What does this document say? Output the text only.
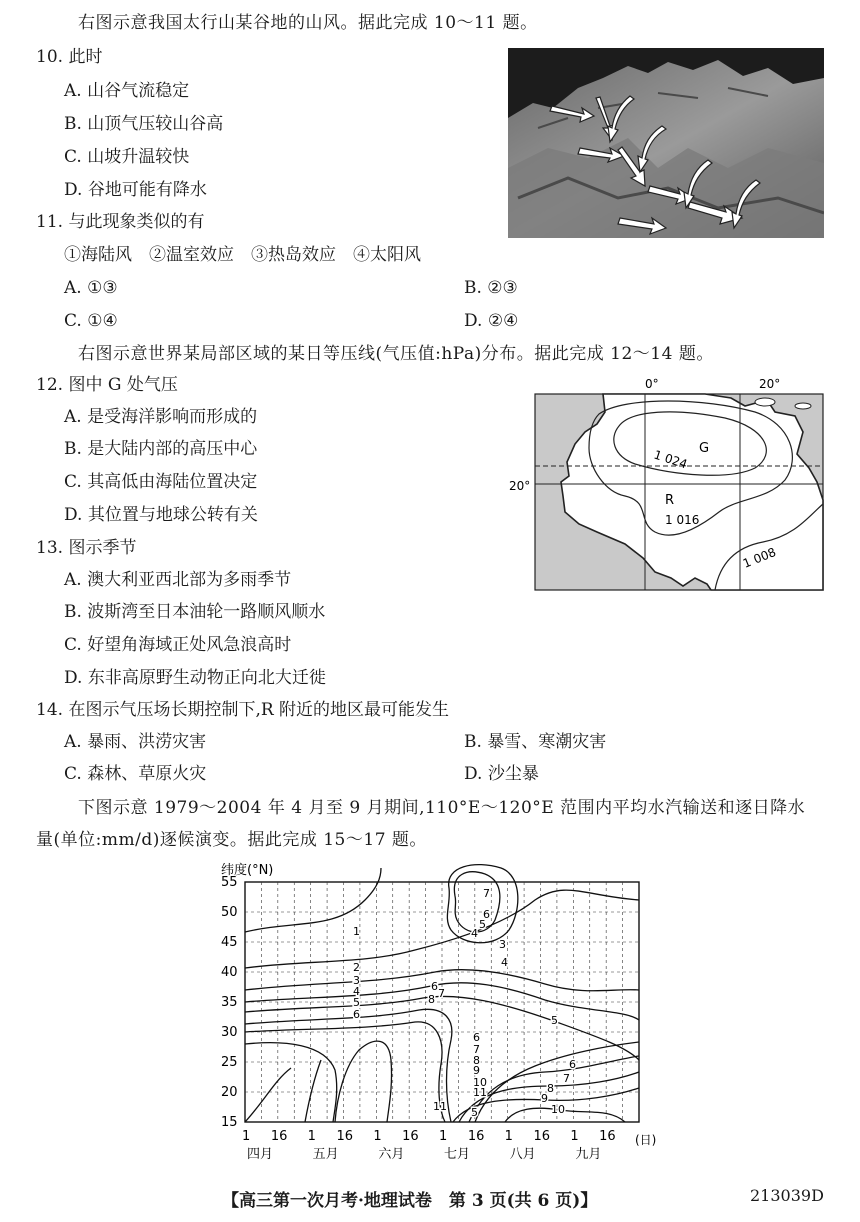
右图示意我国太行山某谷地的山风。据此完成 10～11 题。
10. 此时
A. 山谷气流稳定
B. 山顶气压较山谷高
C. 山坡升温较快
D. 谷地可能有降水
11. 与此现象类似的有
①海陆风　②温室效应　③热岛效应　④太阳风
A. ①③	B. ②③
C. ①④	D. ②④
右图示意世界某局部区域的某日等压线(气压值:hPa)分布。据此完成 12～14 题。
12. 图中 G 处气压
A. 是受海洋影响而形成的
B. 是大陆内部的高压中心
C. 其高低由海陆位置决定
D. 其位置与地球公转有关
13. 图示季节
A. 澳大利亚西北部为多雨季节
B. 波斯湾至日本油轮一路顺风顺水
C. 好望角海域正处风急浪高时
D. 东非高原野生动物正向北大迁徙
0°	20°
20°
1 024 G
R
1 016
1 008
14. 在图示气压场长期控制下,R 附近的地区最可能发生
A. 暴雨、洪涝灾害	B. 暴雪、寒潮灾害
C. 森林、草原火灾	D. 沙尘暴
下图示意 1979～2004 年 4 月至 9 月期间,110°E～120°E 范围内平均水汽输送和逐日降水
量(单位:mm/d)逐候演变。据此完成 15～17 题。
纬度(°N)
1
2
3
4
5
6
4
3
7
6
5
4
6
7
8
5
6
7
8
9
10
11
5
6
7
8
9
10
11
55
50
45
40
35
30
25
20
15
1 16 1 16 1 16 1 16 1 16 1 16 (日)
四月	五月	六月	七月	八月	九月
【高三第一次月考·地理试卷　第 3 页(共 6 页)】	213039D
